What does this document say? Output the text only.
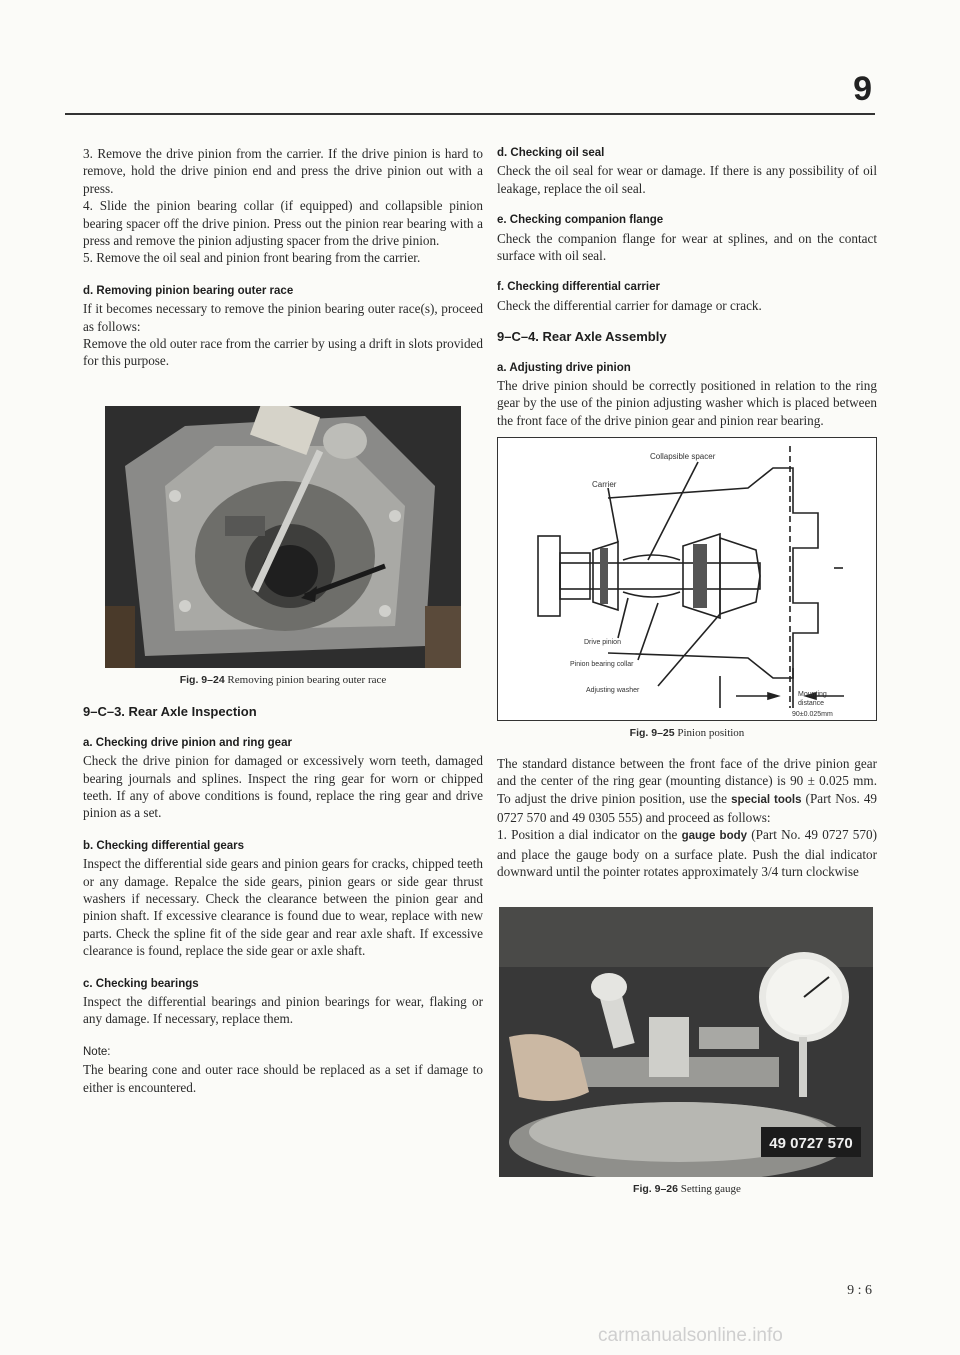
9

3. Remove the drive pinion from the carrier. If the drive pinion is hard to remove, hold the drive pinion end and press the drive pinion out with a press.

4. Slide the pinion bearing collar (if equipped) and collapsible pinion bearing spacer off the drive pinion. Press out the pinion rear bearing with a press and remove the pinion adjusting spacer from the drive pinion.

5. Remove the oil seal and pinion front bearing from the carrier.

d. Removing pinion bearing outer race

If it becomes necessary to remove the pinion bearing outer race(s), proceed as follows:

Remove the old outer race from the carrier by using a drift in slots provided for this purpose.

Fig. 9–24 Removing pinion bearing outer race
9–C–3. Rear Axle Inspection
a. Checking drive pinion and ring gear

Check the drive pinion for damaged or excessively worn teeth, damaged bearing journals and splines. Inspect the ring gear for worn or chipped teeth. If any of above conditions is found, replace the ring gear and drive pinion as a set.

b. Checking differential gears

Inspect the differential side gears and pinion gears for cracks, chipped teeth or any damage. Repalce the side gears, pinion gears or side gear thrust washers if necessary. Check the clearance between the pinion gear and pinion shaft. If excessive clearance is found due to wear, replace with new parts. Check the spline fit of the side gear and rear axle shaft. If excessive clearance is found, replace the side gear or axle shaft.

c. Checking bearings

Inspect the differential bearings and pinion bearings for wear, flaking or any damage. If necessary, replace them.

Note:

The bearing cone and outer race should be replaced as a set if damage to either is encountered.

d. Checking oil seal

Check the oil seal for wear or damage. If there is any possibility of oil leakage, replace the oil seal.

e. Checking companion flange

Check the companion flange for wear at splines, and on the contact surface with oil seal.

f. Checking differential carrier

Check the differential carrier for damage or crack.

9–C–4. Rear Axle Assembly
a. Adjusting drive pinion

The drive pinion should be correctly positioned in relation to the ring gear by the use of the pinion adjusting washer which is placed between the front face of the drive pinion gear and pinion rear bearing.

Collapsible spacer
Carrier
Drive pinion
Pinion bearing collar
Adjusting washer
Mounting
distance
90±0.025mm
Fig. 9–25 Pinion position

The standard distance between the front face of the drive pinion gear and the center of the ring gear (mounting distance) is 90 ± 0.025 mm. To adjust the drive pinion position, use the special tools (Part Nos. 49 0727 570 and 49 0305 555) and proceed as follows:

1. Position a dial indicator on the gauge body (Part No. 49 0727 570) and place the gauge body on a surface plate. Push the dial indicator downward until the pointer rotates approximately 3/4 turn clockwise

49 0727 570
Fig. 9–26 Setting gauge
9 : 6
carmanualsonline.info
